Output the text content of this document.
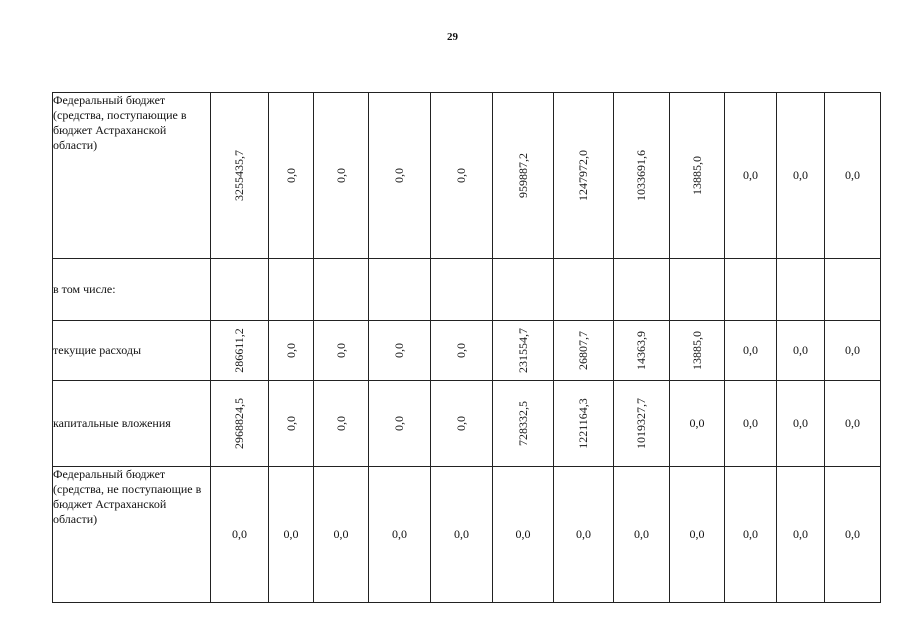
29
Федеральный бюджет (средства, поступающие в бюджет Астраханской области)	3255435,7	0,0	0,0	0,0	0,0	959887,2	1247972,0	1033691,6	13885,0	0,0	0,0	0,0
в том числе:												
текущие расходы	286611,2	0,0	0,0	0,0	0,0	231554,7	26807,7	14363,9	13885,0	0,0	0,0	0,0
капитальные вложения	2968824,5	0,0	0,0	0,0	0,0	728332,5	1221164,3	1019327,7	0,0	0,0	0,0	0,0
Федеральный бюджет (средства, не поступающие в бюджет Астраханской области)	0,0	0,0	0,0	0,0	0,0	0,0	0,0	0,0	0,0	0,0	0,0	0,0
